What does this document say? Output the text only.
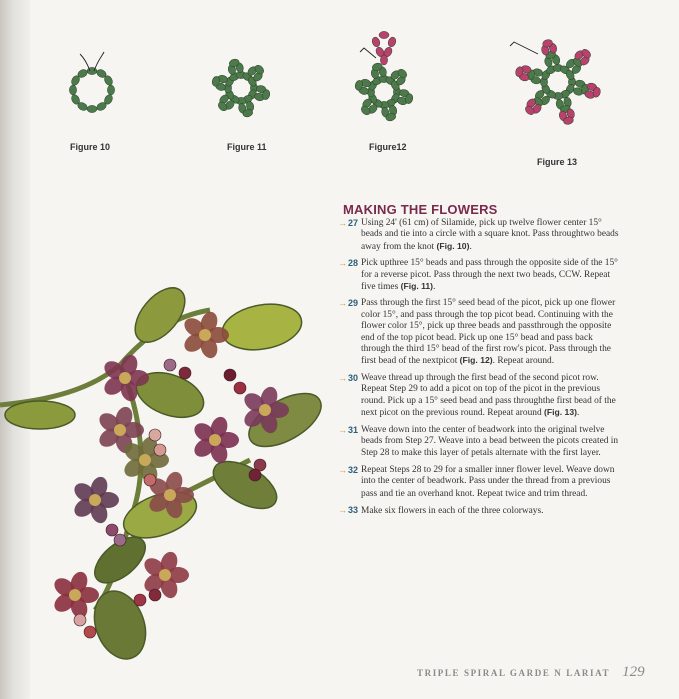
Figure 10	Figure 11	Figure12
Figure 13
MAKING THE FLOWERS
→ 27 Using 24' (61 cm) of Silamide, pick up twelve flower center 15° beads and tie into a circle with a square knot. Pass throughtwo beads away from the knot (Fig. 10).
→ 28 Pick upthree 15° beads and pass through the opposite side of the 15° for a reverse picot. Pass through the next two beads, CCW. Repeat five times (Fig. 11).
→ 29 Pass through the first 15° seed bead of the picot, pick up one flower color 15°, and pass through the top picot bead. Continuing with the flower color 15°, pick up three beads and passthrough the opposite end of the top picot bead. Pick up one 15° bead and pass back through the third 15° bead of the first row's picot. Pass through the first bead of the nextpicot (Fig. 12). Repeat around.
→ 30 Weave thread up through the first bead of the second picot row. Repeat Step 29 to add a picot on top of the picot in the previous round. Pick up a 15° seed bead and pass throughthe first bead of the next picot on the previous round. Repeat around (Fig. 13).
→ 31 Weave down into the center of beadwork into the original twelve beads from Step 27. Weave into a bead between the picots created in Step 28 to make this layer of petals alternate with the first layer.
→ 32 Repeat Steps 28 to 29 for a smaller inner flower level. Weave down into the center of beadwork. Pass under the thread from a previous pass and tie an overhand knot. Repeat twice and trim thread.
→ 33 Make six flowers in each of the three colorways.
TRIPLE SPIRAL GARDE N LARIAT 129
